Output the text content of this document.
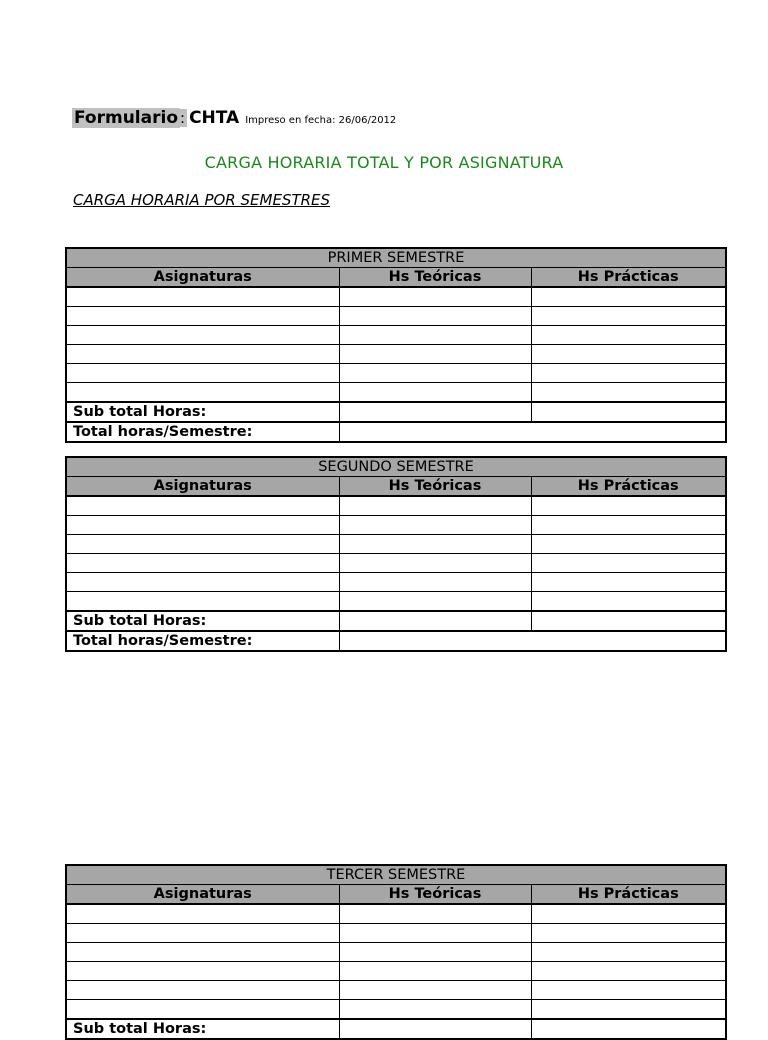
Formulario : CHTA Impreso en fecha: 26/06/2012
CARGA HORARIA TOTAL Y POR ASIGNATURA
CARGA HORARIA POR SEMESTRES
PRIMER SEMESTRE		
Asignaturas	Hs Teóricas	Hs Prácticas

Sub total Horas:		
Total horas/Semestre:		
SEGUNDO SEMESTRE		
Asignaturas	Hs Teóricas	Hs Prácticas

Sub total Horas:		
Total horas/Semestre:		
TERCER SEMESTRE		
Asignaturas	Hs Teóricas	Hs Prácticas

Sub total Horas:		
